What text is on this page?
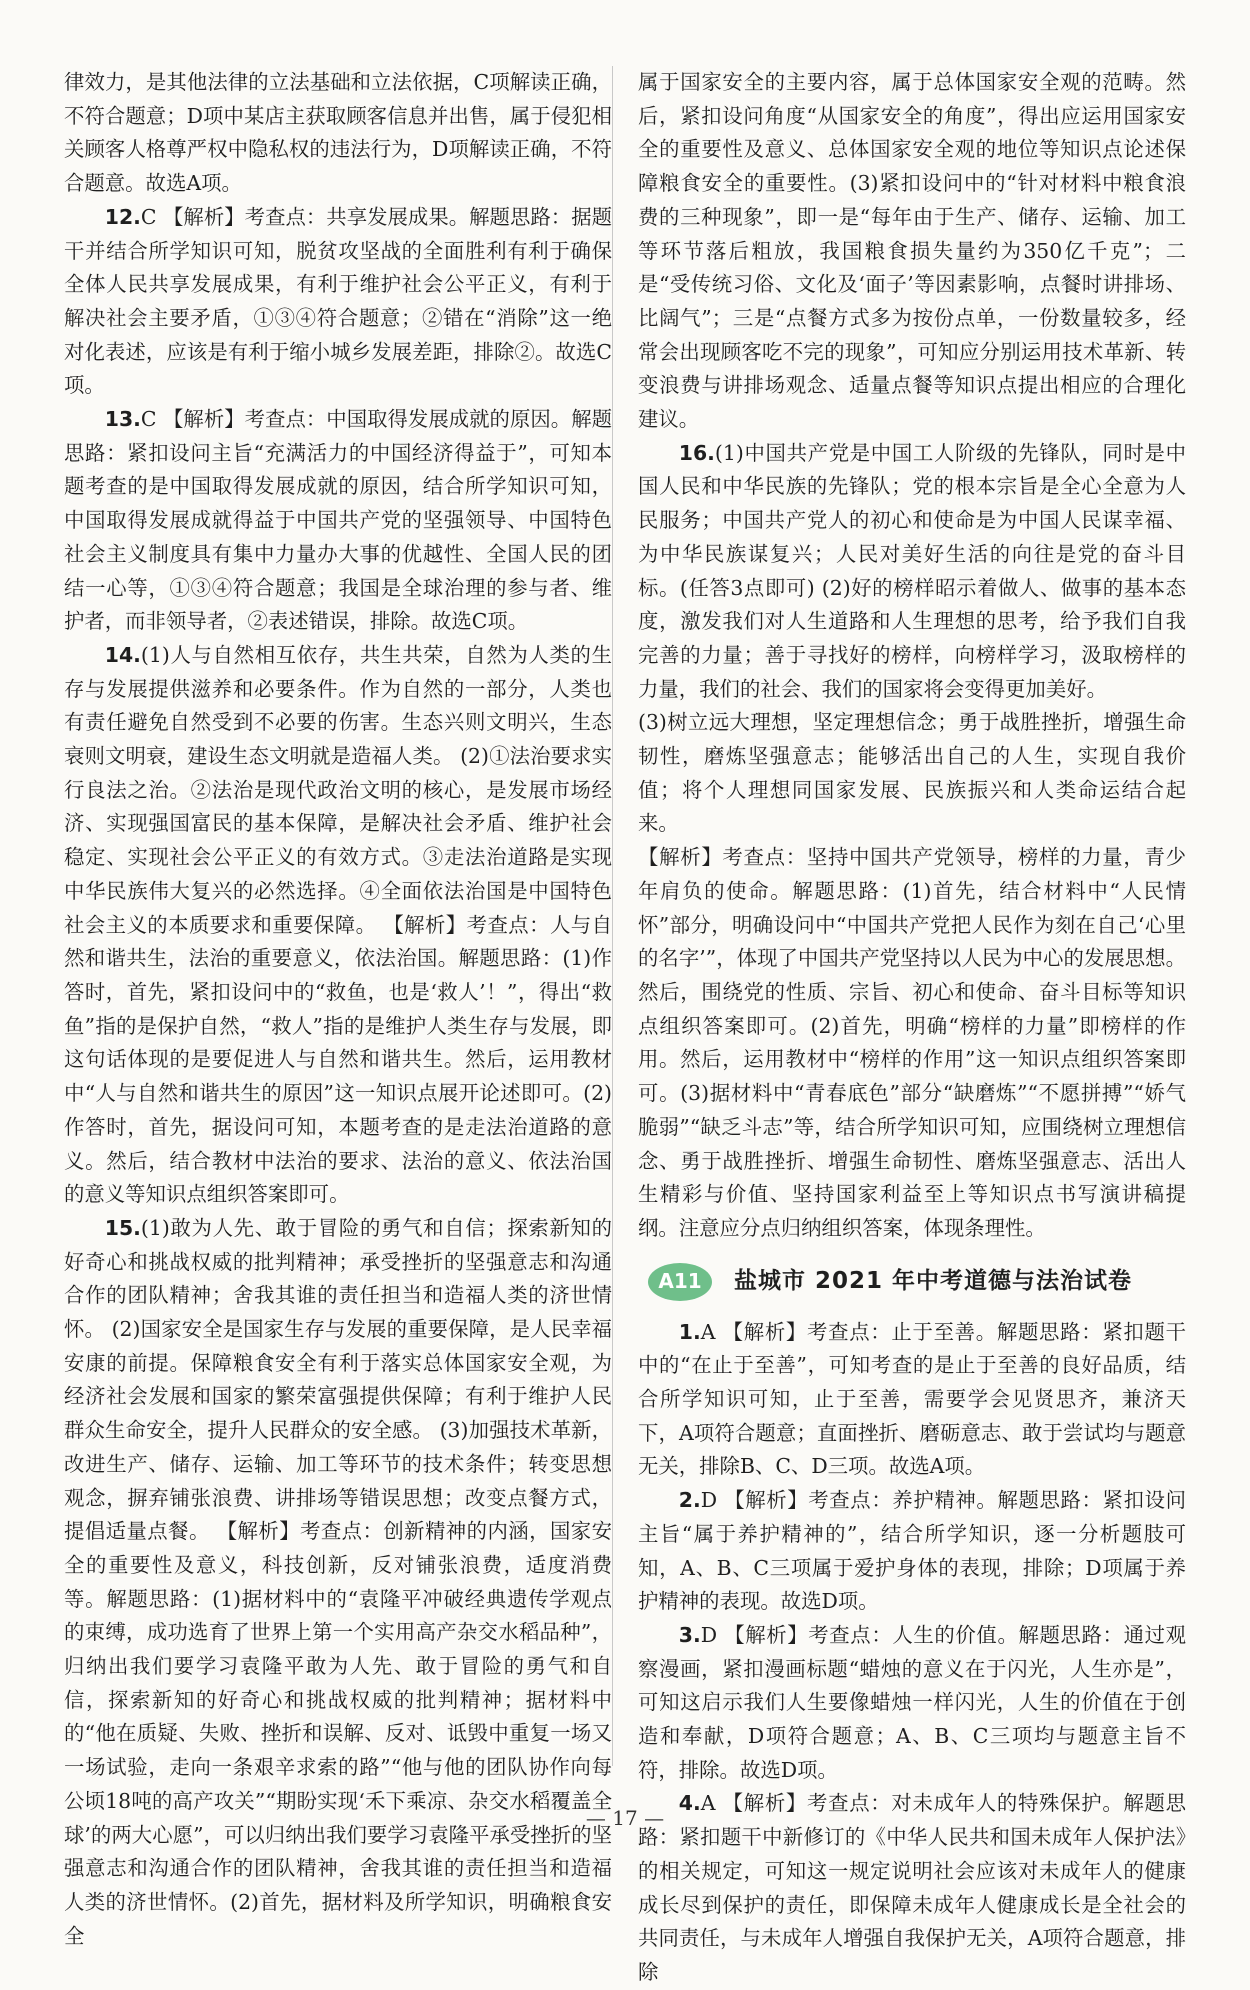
律效力，是其他法律的立法基础和立法依据，C项解读正确，不符合题意；D项中某店主获取顾客信息并出售，属于侵犯相关顾客人格尊严权中隐私权的违法行为，D项解读正确，不符合题意。故选A项。

12.C 【解析】考查点：共享发展成果。解题思路：据题干并结合所学知识可知，脱贫攻坚战的全面胜利有利于确保全体人民共享发展成果，有利于维护社会公平正义，有利于解决社会主要矛盾，①③④符合题意；②错在“消除”这一绝对化表述，应该是有利于缩小城乡发展差距，排除②。故选C项。

13.C 【解析】考查点：中国取得发展成就的原因。解题思路：紧扣设问主旨“充满活力的中国经济得益于”，可知本题考查的是中国取得发展成就的原因，结合所学知识可知，中国取得发展成就得益于中国共产党的坚强领导、中国特色社会主义制度具有集中力量办大事的优越性、全国人民的团结一心等，①③④符合题意；我国是全球治理的参与者、维护者，而非领导者，②表述错误，排除。故选C项。

14.(1)人与自然相互依存，共生共荣，自然为人类的生存与发展提供滋养和必要条件。作为自然的一部分，人类也有责任避免自然受到不必要的伤害。生态兴则文明兴，生态衰则文明衰，建设生态文明就是造福人类。 (2)①法治要求实行良法之治。②法治是现代政治文明的核心，是发展市场经济、实现强国富民的基本保障，是解决社会矛盾、维护社会稳定、实现社会公平正义的有效方式。③走法治道路是实现中华民族伟大复兴的必然选择。④全面依法治国是中国特色社会主义的本质要求和重要保障。 【解析】考查点：人与自然和谐共生，法治的重要意义，依法治国。解题思路：(1)作答时，首先，紧扣设问中的“救鱼，也是‘救人’！”，得出“救鱼”指的是保护自然，“救人”指的是维护人类生存与发展，即这句话体现的是要促进人与自然和谐共生。然后，运用教材中“人与自然和谐共生的原因”这一知识点展开论述即可。(2)作答时，首先，据设问可知，本题考查的是走法治道路的意义。然后，结合教材中法治的要求、法治的意义、依法治国的意义等知识点组织答案即可。

15.(1)敢为人先、敢于冒险的勇气和自信；探索新知的好奇心和挑战权威的批判精神；承受挫折的坚强意志和沟通合作的团队精神；舍我其谁的责任担当和造福人类的济世情怀。 (2)国家安全是国家生存与发展的重要保障，是人民幸福安康的前提。保障粮食安全有利于落实总体国家安全观，为经济社会发展和国家的繁荣富强提供保障；有利于维护人民群众生命安全，提升人民群众的安全感。 (3)加强技术革新，改进生产、储存、运输、加工等环节的技术条件；转变思想观念，摒弃铺张浪费、讲排场等错误思想；改变点餐方式，提倡适量点餐。 【解析】考查点：创新精神的内涵，国家安全的重要性及意义，科技创新，反对铺张浪费，适度消费等。解题思路：(1)据材料中的“袁隆平冲破经典遗传学观点的束缚，成功选育了世界上第一个实用高产杂交水稻品种”，归纳出我们要学习袁隆平敢为人先、敢于冒险的勇气和自信，探索新知的好奇心和挑战权威的批判精神；据材料中的“他在质疑、失败、挫折和误解、反对、诋毁中重复一场又一场试验，走向一条艰辛求索的路”“他与他的团队协作向每公顷18吨的高产攻关”“期盼实现‘禾下乘凉、杂交水稻覆盖全球’的两大心愿”，可以归纳出我们要学习袁隆平承受挫折的坚强意志和沟通合作的团队精神，舍我其谁的责任担当和造福人类的济世情怀。(2)首先，据材料及所学知识，明确粮食安全

属于国家安全的主要内容，属于总体国家安全观的范畴。然后，紧扣设问角度“从国家安全的角度”，得出应运用国家安全的重要性及意义、总体国家安全观的地位等知识点论述保障粮食安全的重要性。(3)紧扣设问中的“针对材料中粮食浪费的三种现象”，即一是“每年由于生产、储存、运输、加工等环节落后粗放，我国粮食损失量约为350亿千克”；二是“受传统习俗、文化及‘面子’等因素影响，点餐时讲排场、比阔气”；三是“点餐方式多为按份点单，一份数量较多，经常会出现顾客吃不完的现象”，可知应分别运用技术革新、转变浪费与讲排场观念、适量点餐等知识点提出相应的合理化建议。

16.(1)中国共产党是中国工人阶级的先锋队，同时是中国人民和中华民族的先锋队；党的根本宗旨是全心全意为人民服务；中国共产党人的初心和使命是为中国人民谋幸福、为中华民族谋复兴；人民对美好生活的向往是党的奋斗目标。(任答3点即可) (2)好的榜样昭示着做人、做事的基本态度，激发我们对人生道路和人生理想的思考，给予我们自我完善的力量；善于寻找好的榜样，向榜样学习，汲取榜样的力量，我们的社会、我们的国家将会变得更加美好。

(3)树立远大理想，坚定理想信念；勇于战胜挫折，增强生命韧性，磨炼坚强意志；能够活出自己的人生，实现自我价值；将个人理想同国家发展、民族振兴和人类命运结合起来。

【解析】考查点：坚持中国共产党领导，榜样的力量，青少年肩负的使命。解题思路：(1)首先，结合材料中“人民情怀”部分，明确设问中“中国共产党把人民作为刻在自己‘心里的名字’”，体现了中国共产党坚持以人民为中心的发展思想。然后，围绕党的性质、宗旨、初心和使命、奋斗目标等知识点组织答案即可。(2)首先，明确“榜样的力量”即榜样的作用。然后，运用教材中“榜样的作用”这一知识点组织答案即可。(3)据材料中“青春底色”部分“缺磨炼”“不愿拼搏”“娇气脆弱”“缺乏斗志”等，结合所学知识可知，应围绕树立理想信念、勇于战胜挫折、增强生命韧性、磨炼坚强意志、活出人生精彩与价值、坚持国家利益至上等知识点书写演讲稿提纲。注意应分点归纳组织答案，体现条理性。

A11	盐城市 2021 年中考道德与法治试卷

1.A 【解析】考查点：止于至善。解题思路：紧扣题干中的“在止于至善”，可知考查的是止于至善的良好品质，结合所学知识可知，止于至善，需要学会见贤思齐，兼济天下，A项符合题意；直面挫折、磨砺意志、敢于尝试均与题意无关，排除B、C、D三项。故选A项。

2.D 【解析】考查点：养护精神。解题思路：紧扣设问主旨“属于养护精神的”，结合所学知识，逐一分析题肢可知，A、B、C三项属于爱护身体的表现，排除；D项属于养护精神的表现。故选D项。

3.D 【解析】考查点：人生的价值。解题思路：通过观察漫画，紧扣漫画标题“蜡烛的意义在于闪光，人生亦是”，可知这启示我们人生要像蜡烛一样闪光，人生的价值在于创造和奉献，D项符合题意；A、B、C三项均与题意主旨不符，排除。故选D项。

4.A 【解析】考查点：对未成年人的特殊保护。解题思路：紧扣题干中新修订的《中华人民共和国未成年人保护法》的相关规定，可知这一规定说明社会应该对未成年人的健康成长尽到保护的责任，即保障未成年人健康成长是全社会的共同责任，与未成年人增强自我保护无关，A项符合题意，排除

— 17 —
